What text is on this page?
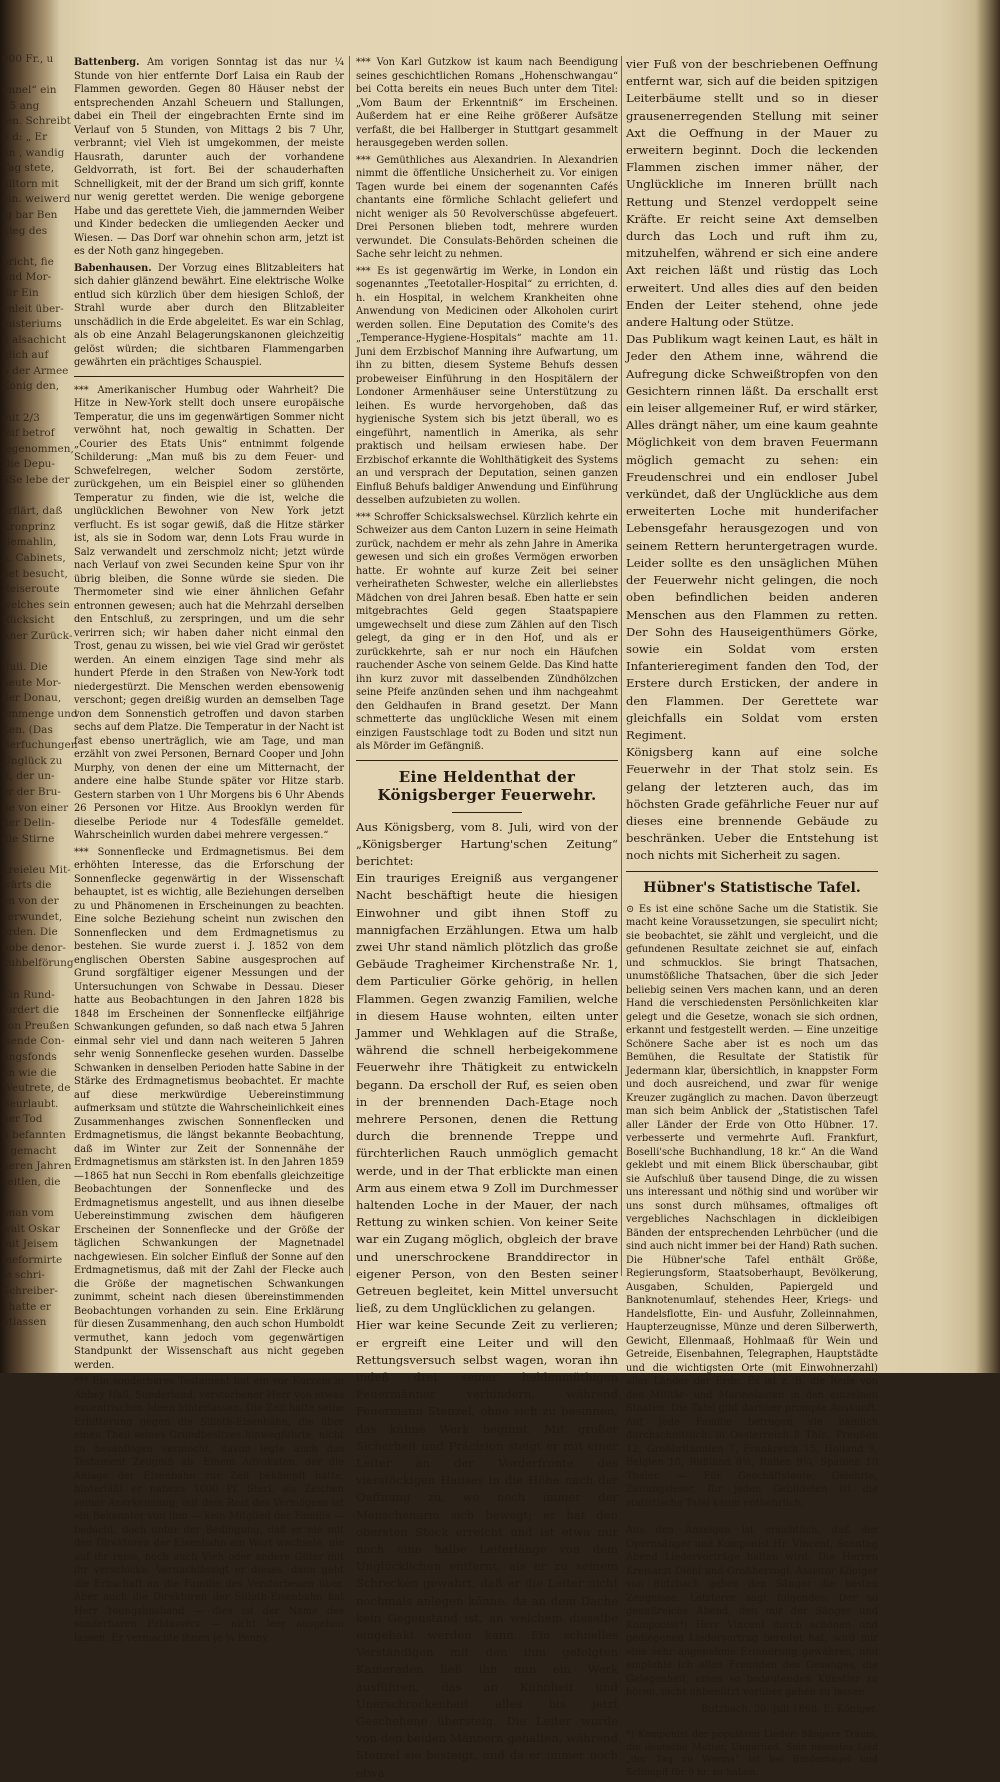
000 Fr., u

onnel“ ein
t 5 ang
fen. Schreibt
u d: „ Er
hn , wandig
Tag stete,
hiltorn mit
ein. weiwerd
ig bar Ben
Sieg des

bricht, fie
und Mor-
für Ein
enleit über-
inisteriums
d alsachicht
glich auf
n der Armee
Konig den,

mit 2/3
auf betrof
legenommen,
Die Depu-
SSe lebe der

erflärt, daß
Kronprinz
Gemahlin,
n. Cabinets,
det besucht,
Reiseroute
welches sein
Rücksicht
Aner Zurück-

Juli. Die
heute Mor-
der Donau,
emmenge und
ßen. (Das
Berfuchungen
Unglück zu
t, der un-
er der Bru-
de von einer
der Delin-
die Stirne

kreieleu Mit-
wärts die
en von der
verwundet,
orden. Die
nobe denor-
kuhbelförung

Ein Rund-
fordert die
von Preußen
isende Con-
ungsfonds
en wie die
Weutrete, de
Beurlaubt.
ber Tod
n befannten
r gemacht
neren Jahren
seitlen, die

man vom
walt Oskar
mit Jeisem
meformirte
e schri-
Schreiber-
, hatte er
ntlassen

Battenberg. Am vorigen Sonntag ist das nur ¼ Stunde von hier entfernte Dorf Laisa ein Raub der Flammen geworden. Gegen 80 Häuser nebst der entsprechenden Anzahl Scheuern und Stallungen, dabei ein Theil der eingebrachten Ernte sind im Verlauf von 5 Stunden, von Mittags 2 bis 7 Uhr, verbrannt; viel Vieh ist umgekommen, der meiste Hausrath, darunter auch der vorhandene Geldvorrath, ist fort. Bei der schauderhaften Schnelligkeit, mit der der Brand um sich griff, konnte nur wenig gerettet werden. Die wenige geborgene Habe und das gerettete Vieh, die jammernden Weiber und Kinder bedecken die umliegenden Aecker und Wiesen. — Das Dorf war ohnehin schon arm, jetzt ist es der Noth ganz hingegeben.

Babenhausen. Der Vorzug eines Blitzableiters hat sich dahier glänzend bewährt. Eine elektrische Wolke entlud sich kürzlich über dem hiesigen Schloß, der Strahl wurde aber durch den Blitzableiter unschädlich in die Erde abgeleitet. Es war ein Schlag, als ob eine Anzahl Belagerungskanonen gleichzeitig gelöst würden; die sichtbaren Flammengarben gewährten ein prächtiges Schauspiel.

*** Amerikanischer Humbug oder Wahrheit? Die Hitze in New-York stellt doch unsere europäische Temperatur, die uns im gegenwärtigen Sommer nicht verwöhnt hat, noch gewaltig in Schatten. Der „Courier des Etats Unis“ entnimmt folgende Schilderung: „Man muß bis zu dem Feuer- und Schwefelregen, welcher Sodom zerstörte, zurückgehen, um ein Beispiel einer so glühenden Temperatur zu finden, wie die ist, welche die unglücklichen Bewohner von New York jetzt verflucht. Es ist sogar gewiß, daß die Hitze stärker ist, als sie in Sodom war, denn Lots Frau wurde in Salz verwandelt und zerschmolz nicht; jetzt würde nach Verlauf von zwei Secunden keine Spur von ihr übrig bleiben, die Sonne würde sie sieden. Die Thermometer sind wie einer ähnlichen Gefahr entronnen gewesen; auch hat die Mehrzahl derselben den Entschluß, zu zerspringen, und um die sehr verirren sich; wir haben daher nicht einmal den Trost, genau zu wissen, bei wie viel Grad wir geröstet werden. An einem einzigen Tage sind mehr als hundert Pferde in den Straßen von New-York todt niedergestürzt. Die Menschen werden ebensowenig verschont; gegen dreißig wurden an demselben Tage von dem Sonnenstich getroffen und davon starben sechs auf dem Platze. Die Temperatur in der Nacht ist fast ebenso unerträglich, wie am Tage, und man erzählt von zwei Personen, Bernard Cooper und John Murphy, von denen der eine um Mitternacht, der andere eine halbe Stunde später vor Hitze starb. Gestern starben von 1 Uhr Morgens bis 6 Uhr Abends 26 Personen vor Hitze. Aus Brooklyn werden für dieselbe Periode nur 4 Todesfälle gemeldet. Wahrscheinlich wurden dabei mehrere vergessen.“

*** Sonnenflecke und Erdmagnetismus. Bei dem erhöhten Interesse, das die Erforschung der Sonnenflecke gegenwärtig in der Wissenschaft behauptet, ist es wichtig, alle Beziehungen derselben zu und Phänomenen in Erscheinungen zu beachten. Eine solche Beziehung scheint nun zwischen den Sonnenflecken und dem Erdmagnetismus zu bestehen. Sie wurde zuerst i. J. 1852 von dem englischen Obersten Sabine ausgesprochen auf Grund sorgfältiger eigener Messungen und der Untersuchungen von Schwabe in Dessau. Dieser hatte aus Beobachtungen in den Jahren 1828 bis 1848 im Erscheinen der Sonnenflecke eilfjährige Schwankungen gefunden, so daß nach etwa 5 Jahren einmal sehr viel und dann nach weiteren 5 Jahren sehr wenig Sonnenflecke gesehen wurden. Dasselbe Schwanken in denselben Perioden hatte Sabine in der Stärke des Erdmagnetismus beobachtet. Er machte auf diese merkwürdige Uebereinstimmung aufmerksam und stützte die Wahrscheinlichkeit eines Zusammenhanges zwischen Sonnenflecken und Erdmagnetismus, die längst bekannte Beobachtung, daß im Winter zur Zeit der Sonnennähe der Erdmagnetismus am stärksten ist. In den Jahren 1859—1865 hat nun Secchi in Rom ebenfalls gleichzeitige Beobachtungen der Sonnenflecke und des Erdmagnetismus angestellt, und aus ihnen dieselbe Uebereinstimmung zwischen dem häufigeren Erscheinen der Sonnenflecke und der Größe der täglichen Schwankungen der Magnetnadel nachgewiesen. Ein solcher Einfluß der Sonne auf den Erdmagnetismus, daß mit der Zahl der Flecke auch die Größe der magnetischen Schwankungen zunimmt, scheint nach diesen übereinstimmenden Beobachtungen vorhanden zu sein. Eine Erklärung für diesen Zusammenhang, den auch schon Humboldt vermuthet, kann jedoch vom gegenwärtigen Standpunkt der Wissenschaft aus nicht gegeben werden.

*** Ein sonderbares Testament hat ein vor Kurzem in Abbey Hall, Sunderland, verstorbener Herr von etwas excentrischen Ideen hinterlassen. Die Zeit hatte seine Erbitterung gegen die Silloth-Eisenbahn, die über einen Theil seines Grundbesitzes hinwegführte, nicht zu besänftigen vermocht, davon legte auch das Testament Zeugniß ab. Einem Advokaten, der die Anlage der Eisenbahn zur Zeit bekämpft hatte, hinterläßt er nahezu 1000 Pf. Sterl. als Zeichen seiner Anerkennung; mit dem Rest des Vermögens ist ein Bekannter von ihm — kein Mitglied der Familie — bedacht, doch unter der Bedingung, daß er nie mit den Direktoren der Eisenbahn ein Wort wechsele, nie auf ihr reise, noch auch Vieh oder andere Güter mit ihr verschicke. Vernachlässigt er dieses, dann geht die Erbschaft an die Familie des Verstorbenen über. Aber auch die Direktoren der Silloth-Eisenbahn hat Herr Youngshusband — dies ist der Name des sonderbaren Erblassers — nicht leer ausgehen lassen. Er vermachte ihnen je ¼ Penny.

*** Von Karl Gutzkow ist kaum nach Beendigung seines geschichtlichen Romans „Hohenschwangau“ bei Cotta bereits ein neues Buch unter dem Titel: „Vom Baum der Erkenntniß“ im Erscheinen. Außerdem hat er eine Reihe größerer Aufsätze verfaßt, die bei Hallberger in Stuttgart gesammelt herausgegeben werden sollen.

*** Gemüthliches aus Alexandrien. In Alexandrien nimmt die öffentliche Unsicherheit zu. Vor einigen Tagen wurde bei einem der sogenannten Cafés chantants eine förmliche Schlacht geliefert und nicht weniger als 50 Revolverschüsse abgefeuert. Drei Personen blieben todt, mehrere wurden verwundet. Die Consulats-Behörden scheinen die Sache sehr leicht zu nehmen.

*** Es ist gegenwärtig im Werke, in London ein sogenanntes „Teetotaller-Hospital“ zu errichten, d. h. ein Hospital, in welchem Krankheiten ohne Anwendung von Medicinen oder Alkoholen curirt werden sollen. Eine Deputation des Comite's des „Temperance-Hygiene-Hospitals“ machte am 11. Juni dem Erzbischof Manning ihre Aufwartung, um ihn zu bitten, diesem Systeme Behufs dessen probeweiser Einführung in den Hospitälern der Londoner Armenhäuser seine Unterstützung zu leihen. Es wurde hervorgehoben, daß das hygienische System sich bis jetzt überall, wo es eingeführt, namentlich in Amerika, als sehr praktisch und heilsam erwiesen habe. Der Erzbischof erkannte die Wohlthätigkeit des Systems an und versprach der Deputation, seinen ganzen Einfluß Behufs baldiger Anwendung und Einführung desselben aufzubieten zu wollen.

*** Schroffer Schicksalswechsel. Kürzlich kehrte ein Schweizer aus dem Canton Luzern in seine Heimath zurück, nachdem er mehr als zehn Jahre in Amerika gewesen und sich ein großes Vermögen erworben hatte. Er wohnte auf kurze Zeit bei seiner verheiratheten Schwester, welche ein allerliebstes Mädchen von drei Jahren besaß. Eben hatte er sein mitgebrachtes Geld gegen Staatspapiere umgewechselt und diese zum Zählen auf den Tisch gelegt, da ging er in den Hof, und als er zurückkehrte, sah er nur noch ein Häufchen rauchender Asche von seinem Gelde. Das Kind hatte ihn kurz zuvor mit dasselbenden Zündhölzchen seine Pfeife anzünden sehen und ihm nachgeahmt den Geldhaufen in Brand gesetzt. Der Mann schmetterte das unglückliche Wesen mit einem einzigen Faustschlage todt zu Boden und sitzt nun als Mörder im Gefängniß.

Eine Heldenthat der Königsberger Feuerwehr.

Aus Königsberg, vom 8. Juli, wird von der „Königsberger Hartung'schen Zeitung“ berichtet:

Ein trauriges Ereigniß aus vergangener Nacht beschäftigt heute die hiesigen Einwohner und gibt ihnen Stoff zu mannigfachen Erzählungen. Etwa um halb zwei Uhr stand nämlich plötzlich das große Gebäude Tragheimer Kirchenstraße Nr. 1, dem Particulier Görke gehörig, in hellen Flammen. Gegen zwanzig Familien, welche in diesem Hause wohnten, eilten unter Jammer und Wehklagen auf die Straße, während die schnell herbeigekommene Feuerwehr ihre Thätigkeit zu entwickeln begann. Da erscholl der Ruf, es seien oben in der brennenden Dach-Etage noch mehrere Personen, denen die Rettung durch die brennende Treppe und fürchterlichen Rauch unmöglich gemacht werde, und in der That erblickte man einen Arm aus einem etwa 9 Zoll im Durchmesser haltenden Loche in der Mauer, der nach Rettung zu winken schien. Von keiner Seite war ein Zugang möglich, obgleich der brave und unerschrockene Branddirector in eigener Person, von den Besten seiner Getreuen begleitet, kein Mittel unversucht ließ, zu dem Unglücklichen zu gelangen.

Hier war keine Secunde Zeit zu verlieren; er ergreift eine Leiter und will den Rettungsversuch selbst wagen, woran ihn indeß drei seiner heldenmüthigen Feuermänner verhindern, während Feuermann Stenzel, ohne sich zu besinnen, das kühne Werk beginnt. Mit großer Sicherheit und Präcision steigt er mit einer Leiter an der Vorderfronte des vierstöckigen Hauses in die Höhe nach der Oeffnung zu, wo noch immer der Menschenarm sich bewegt; er hat den obersten Stock erreicht und ist etwa nur noch eine halbe Leiterlänge von dem Unglücklichen entfernt, als er zu seinem Schrecken gewahrt, daß er die Leiter nicht nochmals anlegen könne, da an dem Dache kein Gegenstand ist, an welchem dieselbe eingehakt werden kann. Ein schnelles Verständigen mit den ihm gefolgten Kameraden ließ ihn nun ein Werk ausführen, das an Kühnheit und Unerschrockenheit alles bis jetzt Geschehene übersteig. Die Leiter wurde von den beiden Männern gehalten, während Stenzel sie besteigt, und da er immer noch etwa

vier Fuß von der beschriebenen Oeffnung entfernt war, sich auf die beiden spitzigen Leiterbäume stellt und so in dieser grausenerregenden Stellung mit seiner Axt die Oeffnung in der Mauer zu erweitern beginnt. Doch die leckenden Flammen zischen immer näher, der Unglückliche im Inneren brüllt nach Rettung und Stenzel verdoppelt seine Kräfte. Er reicht seine Axt demselben durch das Loch und ruft ihm zu, mitzuhelfen, während er sich eine andere Axt reichen läßt und rüstig das Loch erweitert. Und alles dies auf den beiden Enden der Leiter stehend, ohne jede andere Haltung oder Stütze.

Das Publikum wagt keinen Laut, es hält in Jeder den Athem inne, während die Aufregung dicke Schweißtropfen von den Gesichtern rinnen läßt. Da erschallt erst ein leiser allgemeiner Ruf, er wird stärker, Alles drängt näher, um eine kaum geahnte Möglichkeit von dem braven Feuermann möglich gemacht zu sehen: ein Freudenschrei und ein endloser Jubel verkündet, daß der Unglückliche aus dem erweiterten Loche mit hunderifacher Lebensgefahr herausgezogen und von seinem Rettern heruntergetragen wurde. Leider sollte es den unsäglichen Mühen der Feuerwehr nicht gelingen, die noch oben befindlichen beiden anderen Menschen aus den Flammen zu retten. Der Sohn des Hauseigenthümers Görke, sowie ein Soldat vom ersten Infanterieregiment fanden den Tod, der Erstere durch Ersticken, der andere in den Flammen. Der Gerettete war gleichfalls ein Soldat vom ersten Regiment.

Königsberg kann auf eine solche Feuerwehr in der That stolz sein. Es gelang der letzteren auch, das im höchsten Grade gefährliche Feuer nur auf dieses eine brennende Gebäude zu beschränken. Ueber die Entstehung ist noch nichts mit Sicherheit zu sagen.

Hübner's Statistische Tafel.

⊙ Es ist eine schöne Sache um die Statistik. Sie macht keine Voraussetzungen, sie speculirt nicht; sie beobachtet, sie zählt und vergleicht, und die gefundenen Resultate zeichnet sie auf, einfach und schmucklos. Sie bringt Thatsachen, unumstößliche Thatsachen, über die sich Jeder beliebig seinen Vers machen kann, und an deren Hand die verschiedensten Persönlichkeiten klar gelegt und die Gesetze, wonach sie sich ordnen, erkannt und festgestellt werden. — Eine unzeitige Schönere Sache aber ist es noch um das Bemühen, die Resultate der Statistik für Jedermann klar, übersichtlich, in knappster Form und doch ausreichend, und zwar für wenige Kreuzer zugänglich zu machen. Davon überzeugt man sich beim Anblick der „Statistischen Tafel aller Länder der Erde von Otto Hübner. 17. verbesserte und vermehrte Aufl. Frankfurt, Boselli'sche Buchhandlung, 18 kr.“ An die Wand geklebt und mit einem Blick überschaubar, gibt sie Aufschluß über tausend Dinge, die zu wissen uns interessant und nöthig sind und worüber wir uns sonst durch mühsames, oftmaliges oft vergebliches Nachschlagen in dickleibigen Bänden der entsprechenden Lehrbücher (und die sind auch nicht immer bei der Hand) Rath suchen. Die Hübner'sche Tafel enthält Größe, Regierungsform, Staatsoberhaupt, Bevölkerung, Ausgaben, Schulden, Papiergeld und Banknotenumlauf, stehendes Heer, Kriegs- und Handelsflotte, Ein- und Ausfuhr, Zolleinnahmen, Haupterzeugnisse, Münze und deren Silberwerth, Gewicht, Ellenmaaß, Hohlmaaß für Wein und Getreide, Eisenbahnen, Telegraphen, Hauptstädte und die wichtigsten Orte (mit Einwohnerzahl) aller Länder der Erde. Es ist z. B. die Rede von den Militär- und Marinelasten in den einzelnen Staaten. Die Tafel gibt darüber prompte Auskunft. Auf jede Familie betragen sie nämlich durchschnittlich: in Oesterreich 8 Thlr., Preußen 12, Großbritannien 7, Frankreich 15, Holland 9, Belgien 10, Rußland 8½, Italien 9¼, Spanien 10 Thaler. — Für Geschäftsleute, Gelehrte, Zeitungsleser, für jeden Gebildeten ist die statistische Tafel kaum entbehrlich.

Aus den Anzeigen ist ersichtlich, daß der Opernsänger und Komponist Hr. Vincent, Sonntag Abend Liedervorträge halten wird. Die Herren Kreisarzt Diehl und Großherzogl. Assistor Königer von Butzbach geben den Sänger die besten Zeugnisse. Letzterer sagt folgendes: Der so genußreiche Abend, den mir der Sänger und Komponist*) Herr Vincent durch schönen und gediegenen Liedervortrag bereitet hat, wird mir eine sehr angenehme Erinnerung gewähren, und empfehle ich allen Freunden des Gesanges, die Gelegenheit, einen so bedeutenden Künstler zu hören, nicht unbenützt vorüber gehen zu lassen.

Butzbach, 30. Juli 1868. E. Königer.

*) Komponist der populären Lieder: Sängers Traum, die deutsche Mutter, Ungarlied. Sein neuestes Lied „der Tag zu Worms“ ist bei Bindernagel und Schimpff für 9 kr. zu haben.
